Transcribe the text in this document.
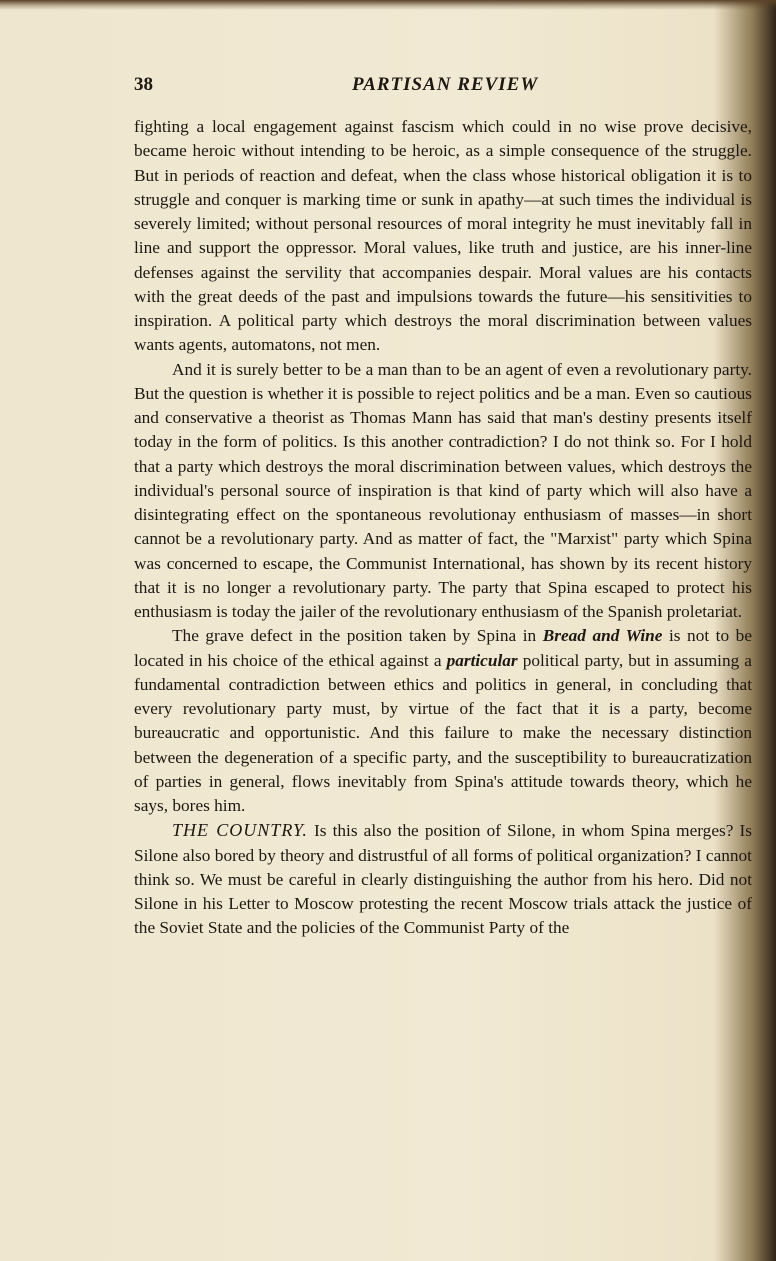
38	PARTISAN REVIEW

fighting a local engagement against fascism which could in no wise prove decisive, became heroic without intending to be heroic, as a simple consequence of the struggle. But in periods of reaction and defeat, when the class whose historical obligation it is to struggle and conquer is marking time or sunk in apathy—at such times the individual is severely limited; without personal resources of moral integrity he must inevitably fall in line and support the oppressor. Moral values, like truth and justice, are his inner-line defenses against the servility that accompanies despair. Moral values are his contacts with the great deeds of the past and impulsions towards the future—his sensitivities to inspiration. A political party which destroys the moral discrimination between values wants agents, automatons, not men.

And it is surely better to be a man than to be an agent of even a revolutionary party. But the question is whether it is possible to reject politics and be a man. Even so cautious and conservative a theorist as Thomas Mann has said that man's destiny presents itself today in the form of politics. Is this another contradiction? I do not think so. For I hold that a party which destroys the moral discrimination between values, which destroys the individual's personal source of inspiration is that kind of party which will also have a disintegrating effect on the spontaneous revolutionay enthusiasm of masses—in short cannot be a revolutionary party. And as matter of fact, the "Marxist" party which Spina was concerned to escape, the Communist International, has shown by its recent history that it is no longer a revolutionary party. The party that Spina escaped to protect his enthusiasm is today the jailer of the revolutionary enthusiasm of the Spanish proletariat.

The grave defect in the position taken by Spina in Bread and Wine is not to be located in his choice of the ethical against a particular political party, but in assuming a fundamental contradiction between ethics and politics in general, in concluding that every revolutionary party must, by virtue of the fact that it is a party, become bureaucratic and opportunistic. And this failure to make the necessary distinction between the degeneration of a specific party, and the susceptibility to bureaucratization of parties in general, flows inevitably from Spina's attitude towards theory, which he says, bores him.

THE COUNTRY. Is this also the position of Silone, in whom Spina merges? Is Silone also bored by theory and distrustful of all forms of political organization? I cannot think so. We must be careful in clearly distinguishing the author from his hero. Did not Silone in his Letter to Moscow protesting the recent Moscow trials attack the justice of the Soviet State and the policies of the Communist Party of the
